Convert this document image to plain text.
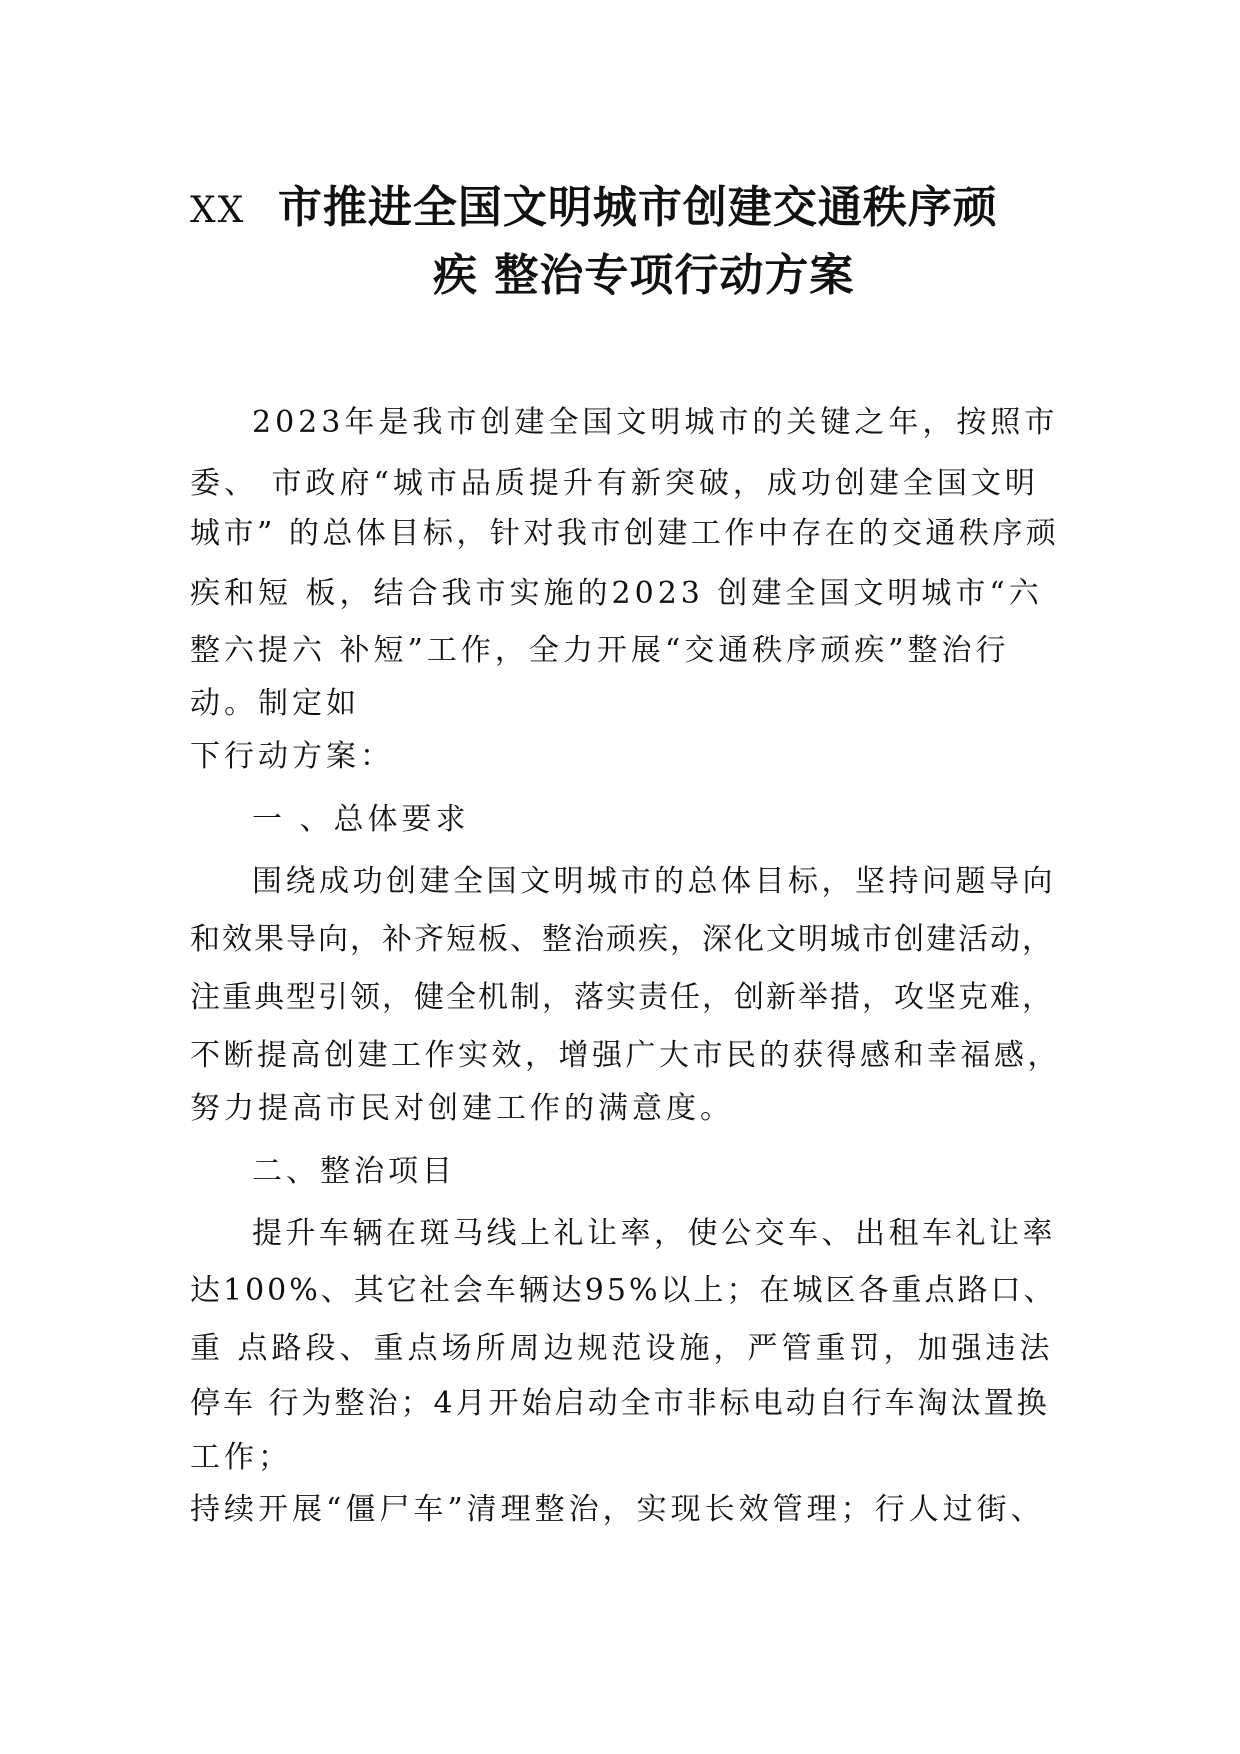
XX 市推进全国文明城市创建交通秩序顽
疾 整治专项行动方案
2023年是我市创建全国文明城市的关键之年，按照市
委、 市政府“城市品质提升有新突破，成功创建全国文明
城市” 的总体目标，针对我市创建工作中存在的交通秩序顽
疾和短 板，结合我市实施的2023 创建全国文明城市“六
整六提六 补短”工作，全力开展“交通秩序顽疾”整治行
动。制定如
下行动方案：
一 、总体要求
围绕成功创建全国文明城市的总体目标，坚持问题导向
和效果导向，补齐短板、整治顽疾，深化文明城市创建活动，
注重典型引领，健全机制，落实责任，创新举措，攻坚克难，
不断提高创建工作实效，增强广大市民的获得感和幸福感，
努力提高市民对创建工作的满意度。
二、整治项目
提升车辆在斑马线上礼让率，使公交车、出租车礼让率
达100%、其它社会车辆达95%以上；在城区各重点路口、
重 点路段、重点场所周边规范设施，严管重罚，加强违法
停车 行为整治；4月开始启动全市非标电动自行车淘汰置换
工作；
持续开展“僵尸车”清理整治，实现长效管理；行人过街、
